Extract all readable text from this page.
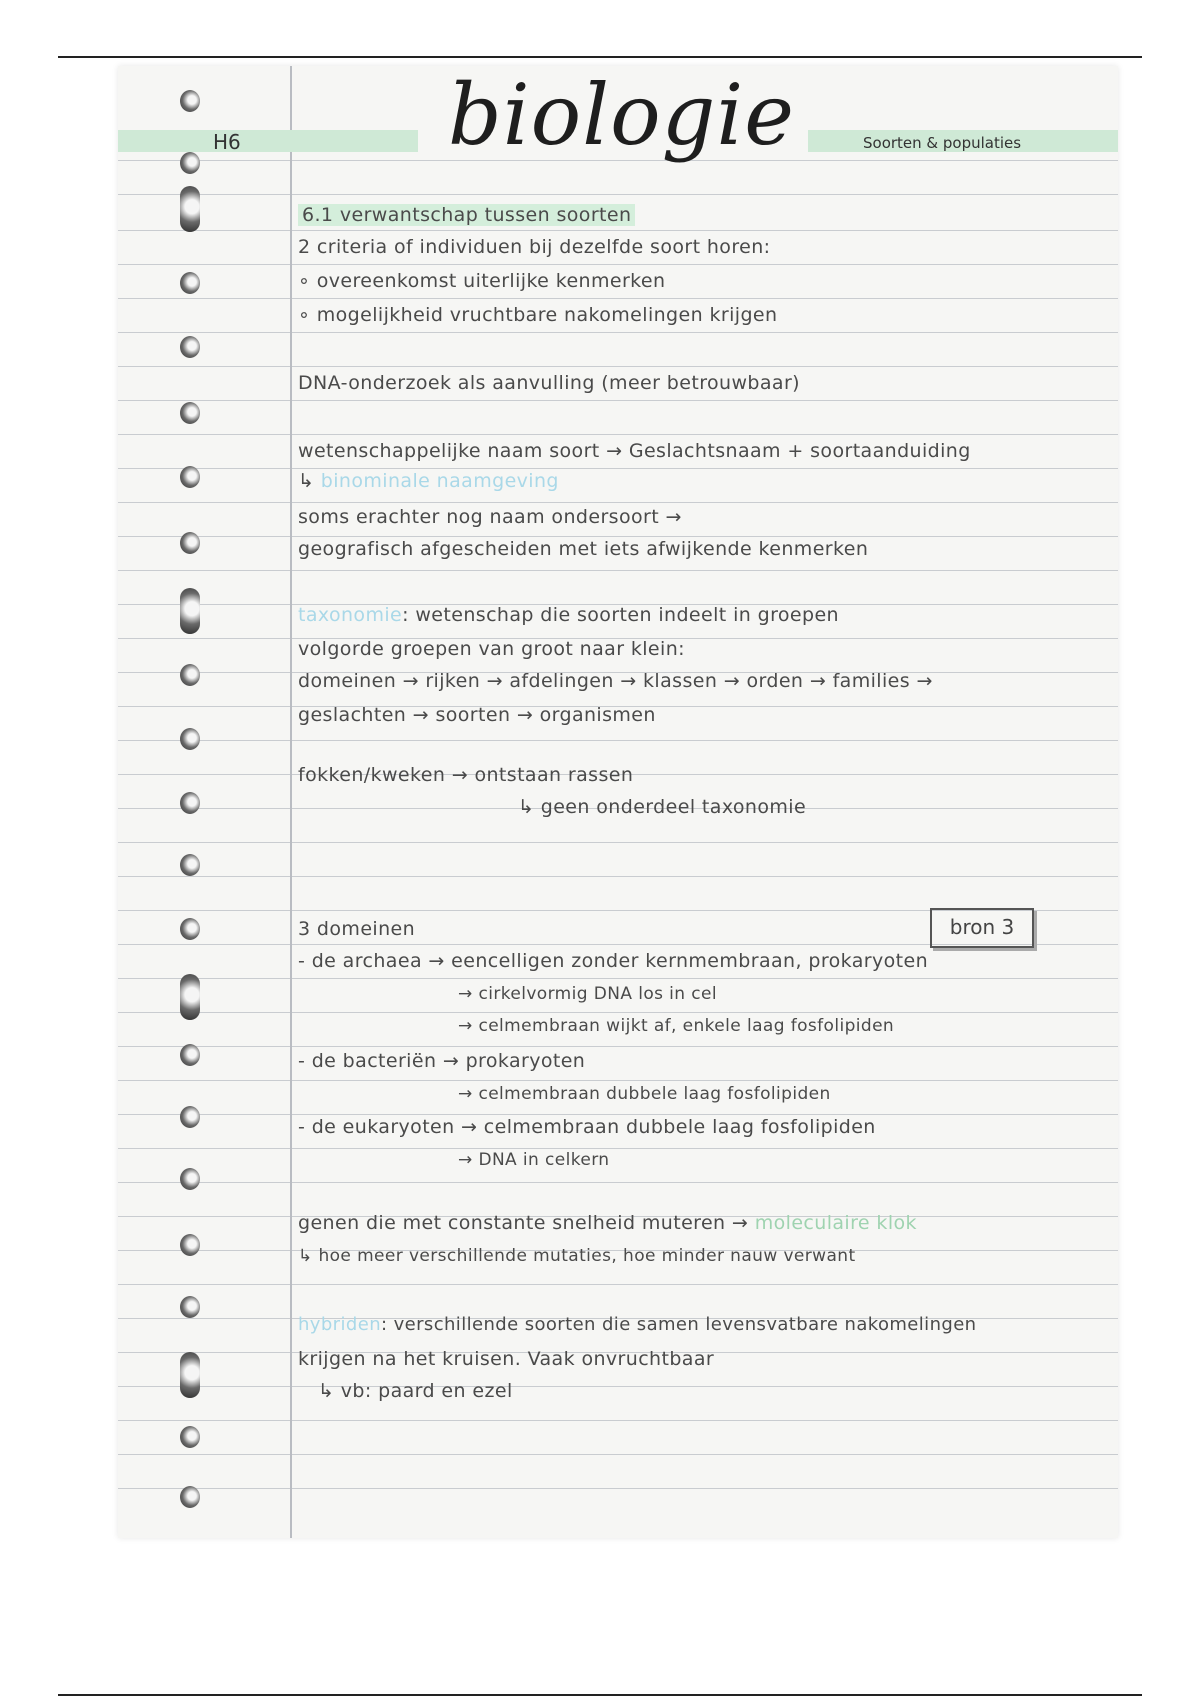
H6 biologie	Soorten & populaties
6.1 verwantschap tussen soorten
2 criteria of individuen bij dezelfde soort horen:
∘ overeenkomst uiterlijke kenmerken
∘ mogelijkheid vruchtbare nakomelingen krijgen
DNA-onderzoek als aanvulling (meer betrouwbaar)
wetenschappelijke naam soort → Geslachtsnaam + soortaanduiding
↳ binominale naamgeving
soms erachter nog naam ondersoort →
geografisch afgescheiden met iets afwijkende kenmerken
taxonomie: wetenschap die soorten indeelt in groepen
volgorde groepen van groot naar klein:
domeinen → rijken → afdelingen → klassen → orden → families →
geslachten → soorten → organismen
fokken/kweken → ontstaan rassen
↳ geen onderdeel taxonomie
3 domeinen	bron 3
- de archaea → eencelligen zonder kernmembraan, prokaryoten
→ cirkelvormig DNA los in cel
→ celmembraan wijkt af, enkele laag fosfolipiden
- de bacteriën → prokaryoten
→ celmembraan dubbele laag fosfolipiden
- de eukaryoten → celmembraan dubbele laag fosfolipiden
→ DNA in celkern
genen die met constante snelheid muteren → moleculaire klok
↳ hoe meer verschillende mutaties, hoe minder nauw verwant
hybriden: verschillende soorten die samen levensvatbare nakomelingen
krijgen na het kruisen. Vaak onvruchtbaar
↳ vb: paard en ezel
